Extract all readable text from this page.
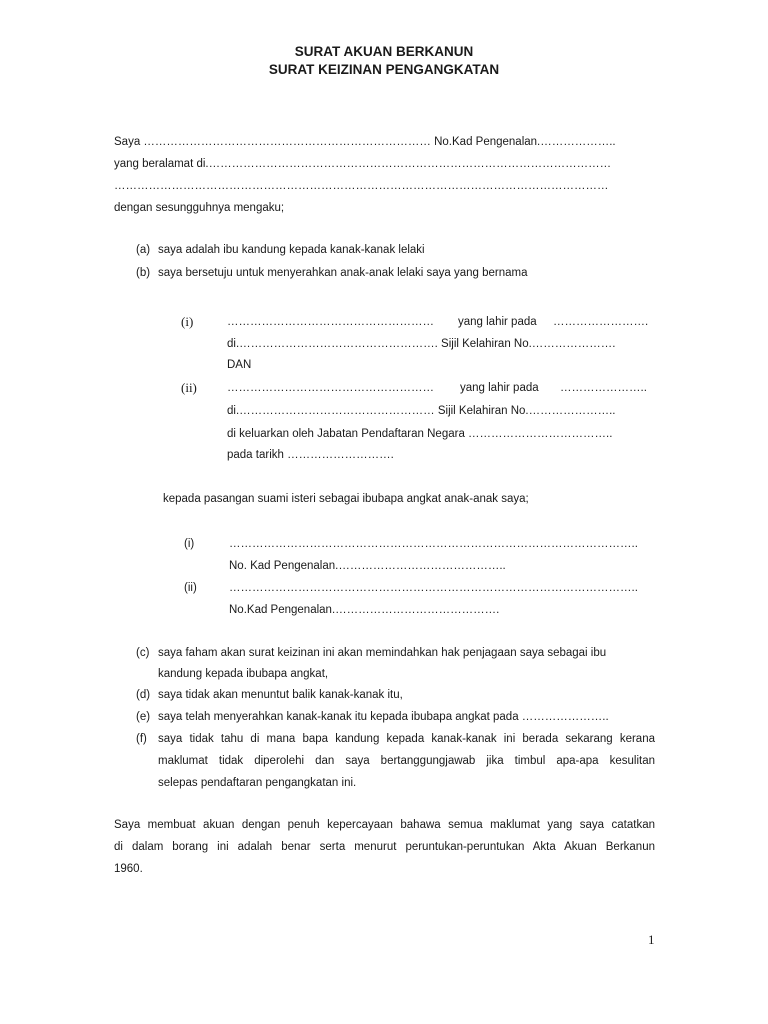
SURAT AKUAN BERKANUN
SURAT KEIZINAN PENGANGKATAN
Saya ………………………………………………………………… No.Kad Pengenalan.………………..
yang beralamat di.……………………………………………………………………………………………
…………………………………………………………………………………………………………………
dengan sesungguhnya mengaku;
(a) saya adalah ibu kandung kepada kanak-kanak lelaki
(b) saya bersetuju untuk menyerahkan anak-anak lelaki saya yang bernama
(i)	……………………………………………… yang lahir pada …………………….
di.……………………………………………. Sijil Kelahiran No.………………….
DAN
(ii)	……………………………………………… yang lahir pada …………………..
di.…………………………………………… Sijil Kelahiran No.…………………..
di keluarkan oleh Jabatan Pendaftaran Negara ………………………………..
pada tarikh ……………………….
kepada pasangan suami isteri sebagai ibubapa angkat anak-anak saya;
(i)	……………………………………………………………………………………………..
No. Kad Pengenalan.……………………………………..
(ii)	……………………………………………………………………………………………..
No.Kad Pengenalan.…………………………………….
(c) saya faham akan surat keizinan ini akan memindahkan hak penjagaan saya sebagai ibu
kandung kepada ibubapa angkat,
(d) saya tidak akan menuntut balik kanak-kanak itu,
(e) saya telah menyerahkan kanak-kanak itu kepada ibubapa angkat pada …………………..
(f) saya tidak tahu di mana bapa kandung kepada kanak-kanak ini berada sekarang kerana
maklumat tidak diperolehi dan saya bertanggungjawab jika timbul apa-apa kesulitan
selepas pendaftaran pengangkatan ini.
Saya membuat akuan dengan penuh kepercayaan bahawa semua maklumat yang saya catatkan
di dalam borang ini adalah benar serta menurut peruntukan-peruntukan Akta Akuan Berkanun
1960.
1
